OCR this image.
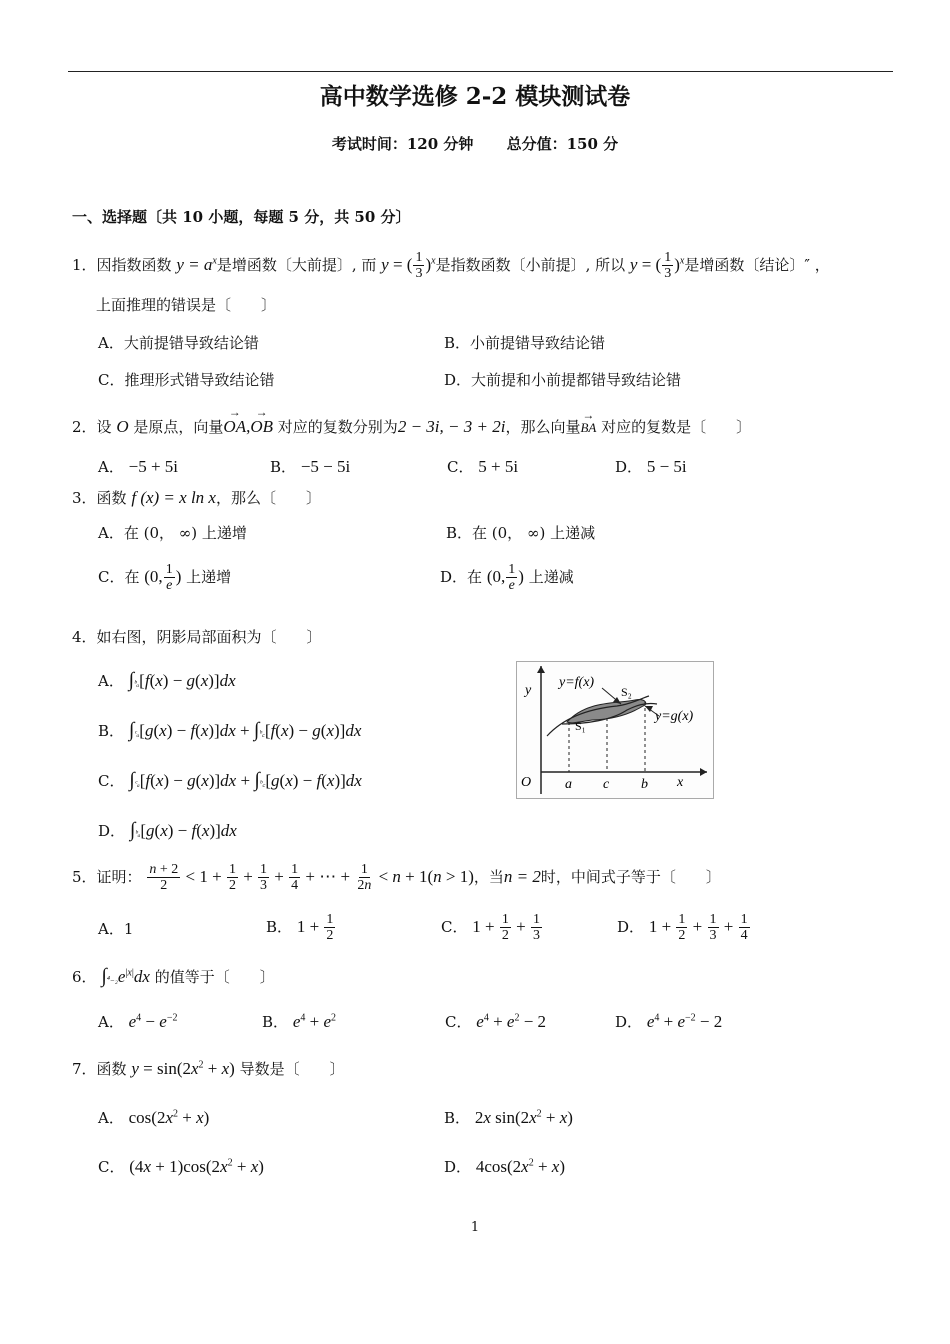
高中数学选修 2-2 模块测试卷
考试时间：120 分钟 总分值：150 分
一、选择题〔共 10 小题，每题 5 分，共 50 分〕
1．因指数函数 $y = a^x$是增函数〔大前提〕, 而 y = ( $\frac{1}{3} )^x$是指数函数〔小前提〕, 所以 y = ( $\frac{1}{3} )^x$是增函数〔结论〕″ ，
上面推理的错误是〔　　〕
A．大前提错导致结论错	B．小前提错导致结论错
C．推理形式错导致结论错	D．大前提和小前提都错导致结论错
2．设 O 是原点，向量→ OA,→ OB 对应的复数分别为2 − 3i, − 3 + 2i，那么向量→ BA 对应的复数是〔　　〕
A． −5 + 5i	B． −5 − 5i	C． 5 + 5i	D． 5 − 5i
3．函数 f (x) = x ln x，那么〔　　〕
A．在 (0， ∞) 上递增	B．在 (0， ∞) 上递减
C．在 (0, $\frac{1}{e}$ ) 上递增	D．在 (0, $\frac{1}{e}$ ) 上递减
4．如右图，阴影局部面积为〔　　〕
A． ∫ᵇₐ[f(x) − g(x)]dx
B． ∫ᶜₐ[g(x) − f(x)]dx + ∫ᵇ꜀[f(x) − g(x)]dx
C． ∫ᶜₐ[f(x) − g(x)]dx + ∫ᵇ꜀[g(x) − f(x)]dx
D． ∫ᵇₐ[g(x) − f(x)]dx
y
y=f(x)
y=g(x)
S₁
S₂
O a c b x
5．证明： $\frac{n + 2}{2} < 1 + \frac{1}{2} + \frac{1}{3} + \frac{1}{4}$ + ⋯ + $\frac{1}{2n} < n + 1(n > 1)$，当n = 2时，中间式子等于〔　　〕
A．1	B． $1 + \frac{1}{2}$	C． $1 + \frac{1}{2} + \frac{1}{3}$	D． $1 + \frac{1}{2} + \frac{1}{3} + \frac{1}{4}$
6． $\int^4_{-2}e^{|x|}dx$ 的值等于〔　　〕
A． $e^4 - e^{-2}$	B． $e^4 + e^2$	C． $e^4 + e^2 - 2$	D． $e^4 + e^{-2} - 2$
7．函数 $y = \sin(2x^2 + x)$ 导数是〔　　〕
A． $\cos(2x^2 + x)$	B． 2x $\sin(2x^2 + x)$
C． $(4x + 1)\cos(2x^2 + x)$	D． $4\cos(2x^2 + x)$
1
